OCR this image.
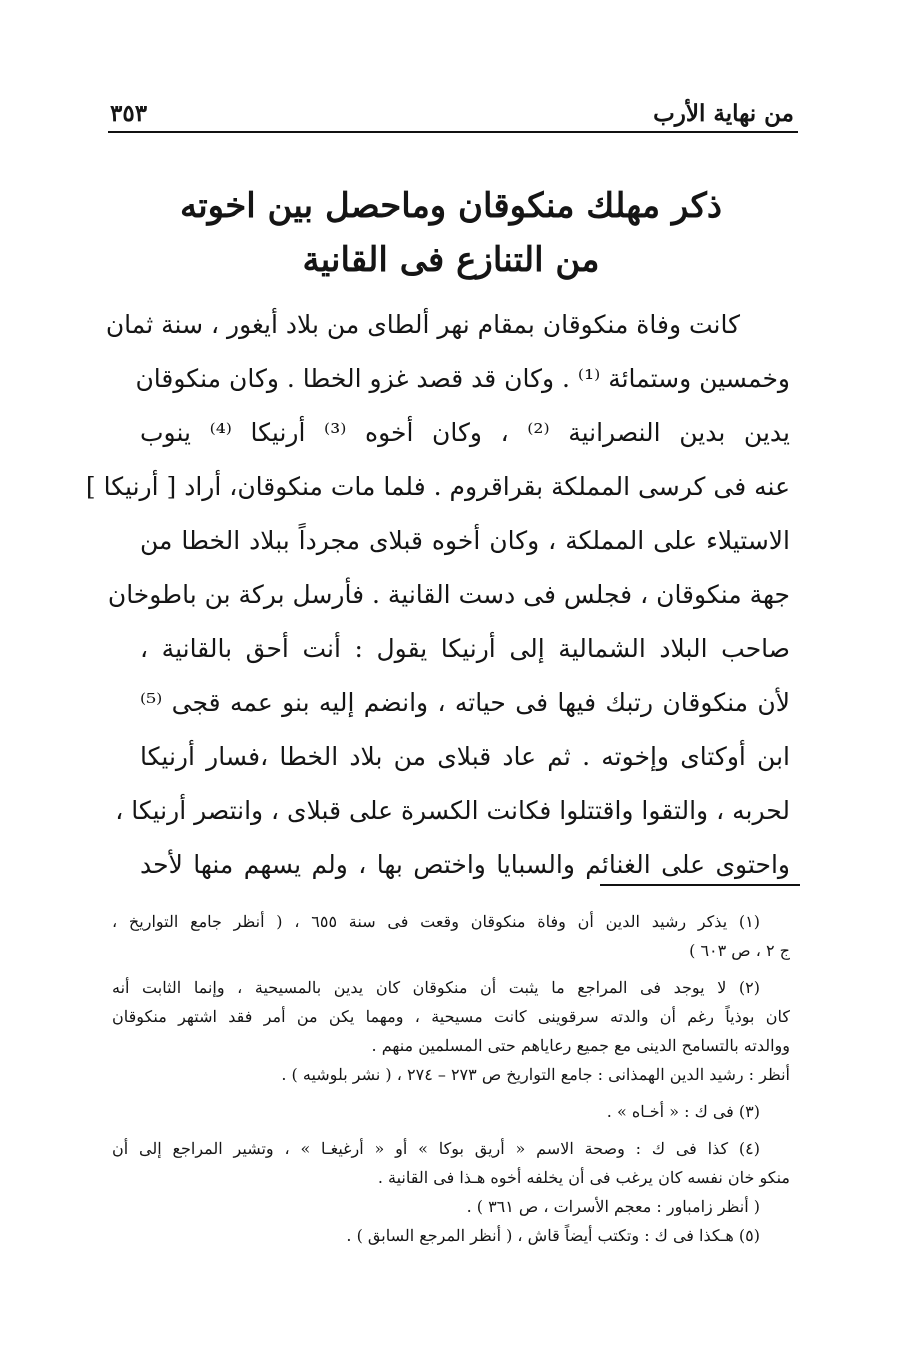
من نهاية الأرب
٣٥٣
ذكر مهلك منكوقان وماحصل بين اخوته
من التنازع فى القانية
كانت وفاة منكوقان بمقام نهر ألطاى من بلاد أيغور ، سنة ثمان
وخمسين وستمائة ⁽¹⁾ . وكان قد قصد غزو الخطا . وكان منكوقان
يدين بدين النصرانية ⁽²⁾ ، وكان أخوه ⁽³⁾ أرنيكا ⁽⁴⁾ ينوب
عنه فى كرسى المملكة بقراقروم . فلما مات منكوقان، أراد [ أرنيكا ]
الاستيلاء على المملكة ، وكان أخوه قبلاى مجرداً ببلاد الخطا من
جهة منكوقان ، فجلس فى دست القانية . فأرسل بركة بن باطوخان
صاحب البلاد الشمالية إلى أرنيكا يقول : أنت أحق بالقانية ،
لأن منكوقان رتبك فيها فى حياته ، وانضم إليه بنو عمه قجى ⁽⁵⁾
ابن أوكتاى وإخوته . ثم عاد قبلاى من بلاد الخطا ،فسار أرنيكا
لحربه ، والتقوا واقتتلوا فكانت الكسرة على قبلاى ، وانتصر أرنيكا ،
واحتوى على الغنائم والسبايا واختص بها ، ولم يسهم منها لأحد
(١) يذكر رشيد الدين أن وفاة منكوقان وقعت فى سنة ٦٥٥ ، ( أنظر جامع التواريخ ،
ج ٢ ، ص ٦٠٣ )
(٢) لا يوجد فى المراجع ما يثبت أن منكوقان كان يدين بالمسيحية ، وإنما الثابت أنه
كان بوذياً رغم أن والدته سرقوينى كانت مسيحية ، ومهما يكن من أمر فقد اشتهر منكوقان
ووالدته بالتسامح الدينى مع جميع رعاياهم حتى المسلمين منهم .
أنظر : رشيد الدين الهمذانى : جامع التواريخ ص ٢٧٣ – ٢٧٤ ، ( نشر بلوشيه ) .
(٣) فى ك : « أخـاه » .
(٤) كذا فى ك : وصحة الاسم « أريق بوكا » أو « أرغيغـا » ، وتشير المراجع إلى أن
منكو خان نفسه كان يرغب فى أن يخلفه أخوه هـذا فى القانية .
( أنظر زامباور : معجم الأسرات ، ص ٣٦١ ) .
(٥) هـكذا فى ك : وتكتب أيضاً قاش ، ( أنظر المرجع السابق ) .
